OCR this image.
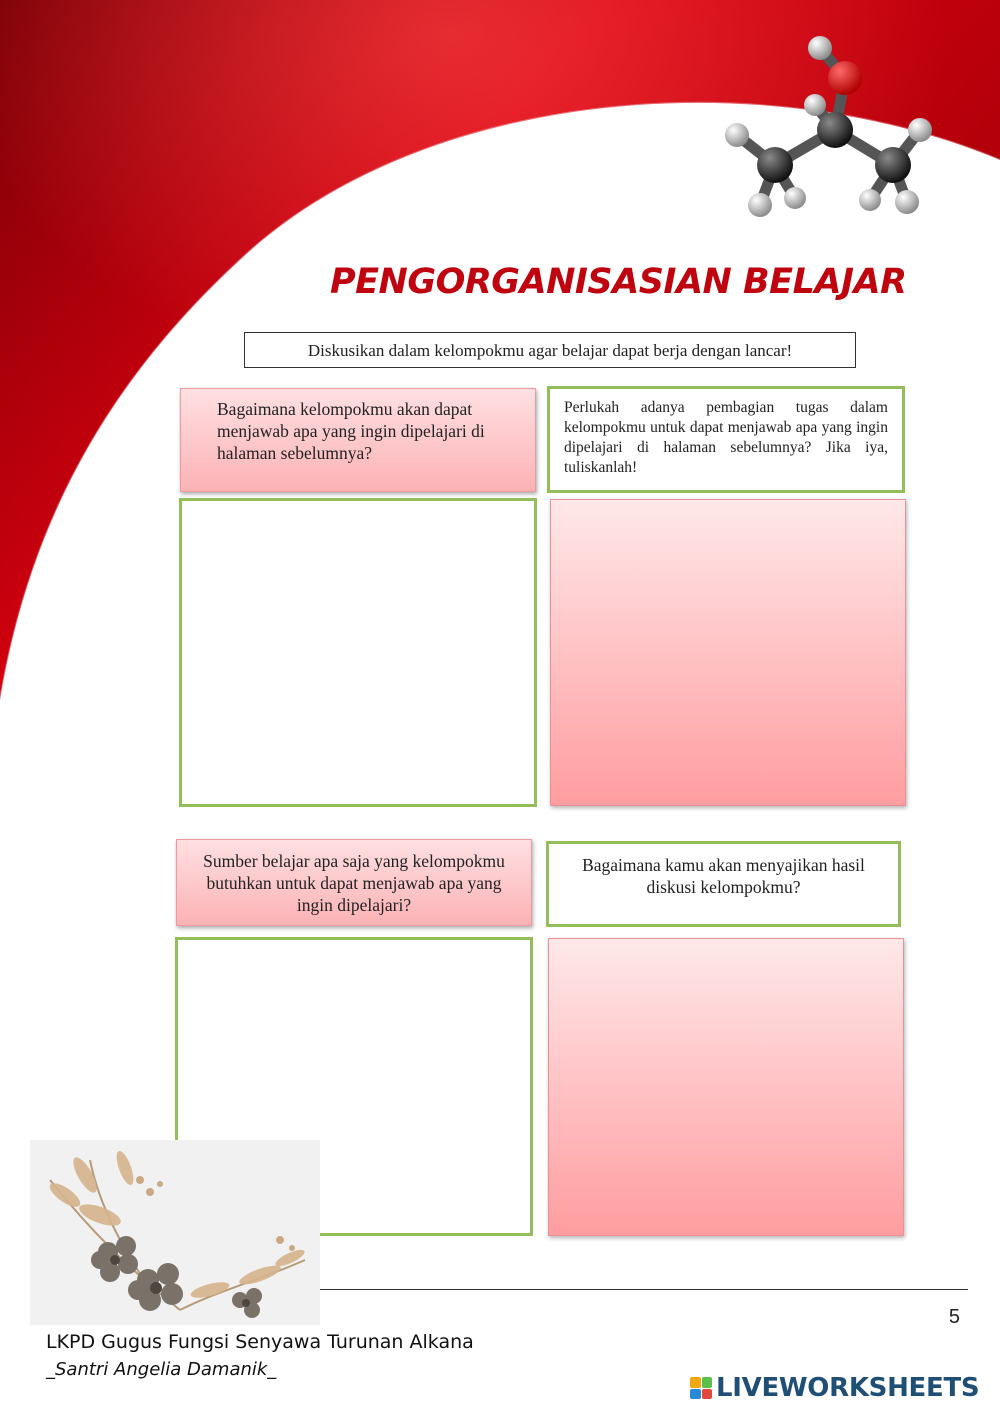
PENGORGANISASIAN BELAJAR
Diskusikan dalam kelompokmu agar belajar dapat berja dengan lancar!
Bagaimana kelompokmu akan dapat menjawab apa yang ingin dipelajari di halaman sebelumnya?
Perlukah adanya pembagian tugas dalam kelompokmu untuk dapat menjawab apa yang ingin dipelajari di halaman sebelumnya? Jika iya, tuliskanlah!
Sumber belajar apa saja yang kelompokmu butuhkan untuk dapat menjawab apa yang ingin dipelajari?
Bagaimana kamu akan menyajikan hasil diskusi kelompokmu?
5
LKPD Gugus Fungsi Senyawa Turunan Alkana
_Santri Angelia Damanik_
LIVEWORKSHEETS
